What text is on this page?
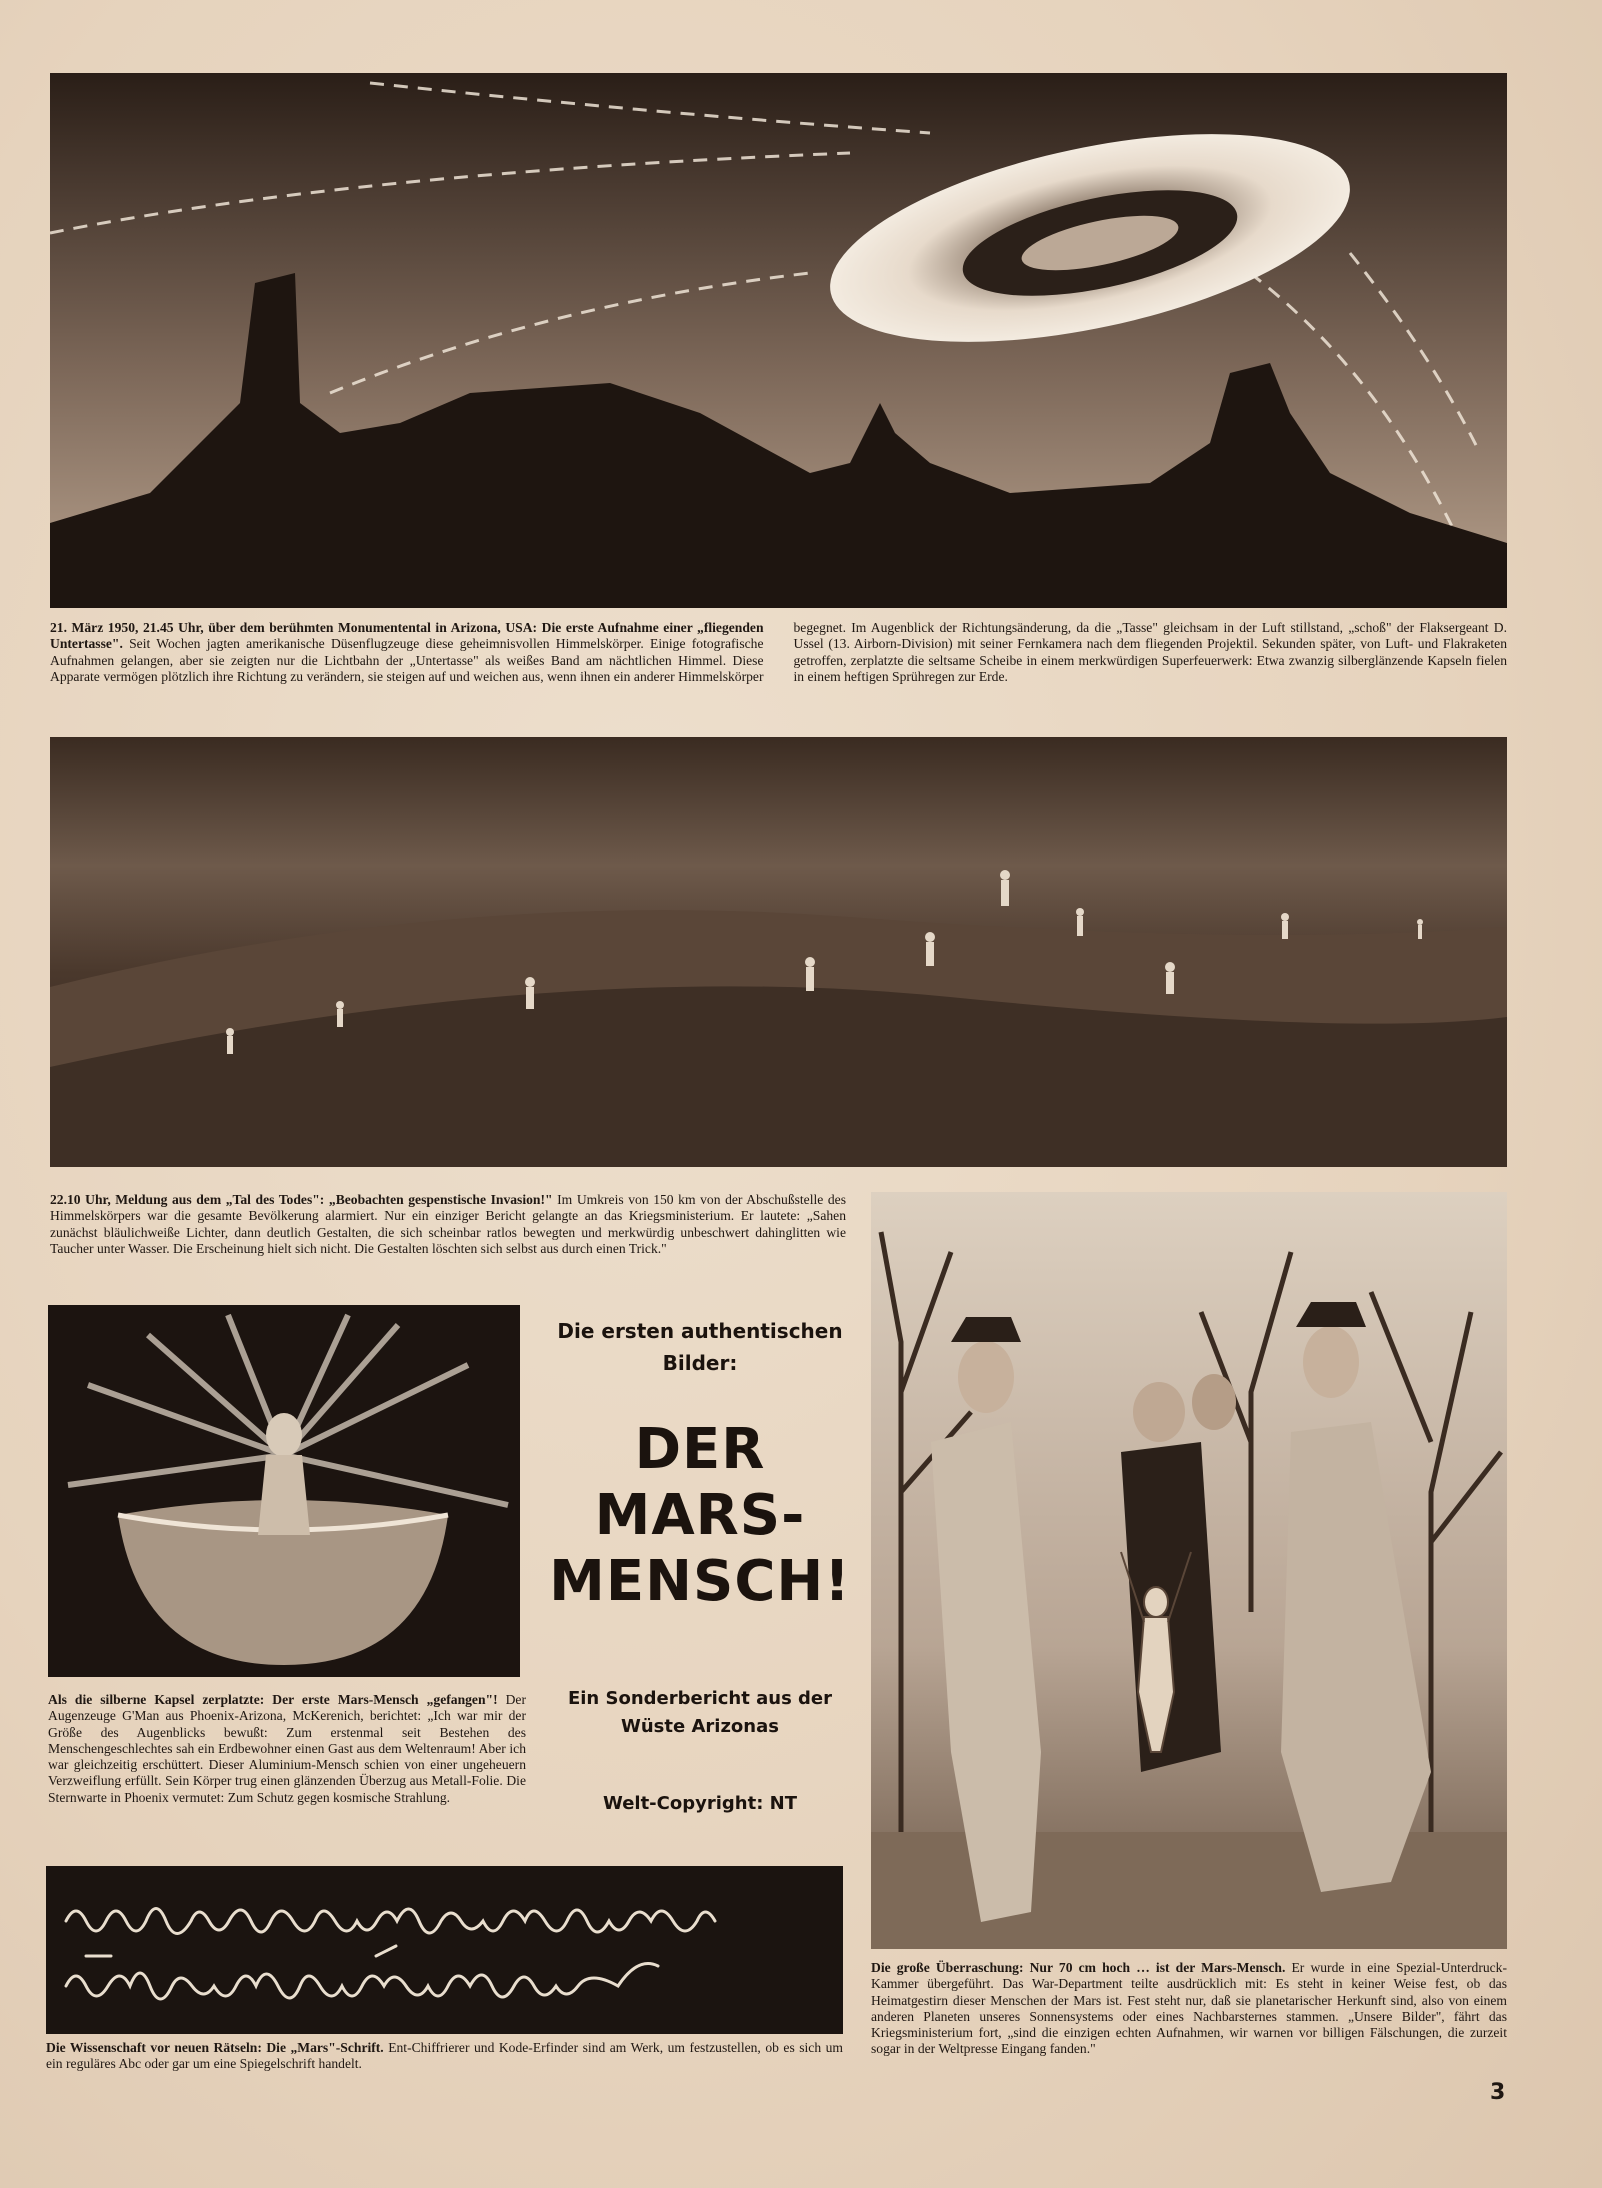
21. März 1950, 21.45 Uhr, über dem berühmten Monumentental in Arizona, USA: Die erste Aufnahme einer „fliegenden Untertasse". Seit Wochen jagten amerikanische Düsenflugzeuge diese geheimnisvollen Himmelskörper. Einige fotografische Aufnahmen gelangen, aber sie zeigten nur die Lichtbahn der „Untertasse" als weißes Band am nächtlichen Himmel. Diese Apparate vermögen plötzlich ihre Richtung zu verändern, sie steigen auf und weichen aus, wenn ihnen ein anderer Himmelskörper begegnet. Im Augenblick der Richtungsänderung, da die „Tasse" gleichsam in der Luft stillstand, „schoß" der Flaksergeant D. Ussel (13. Airborn-Division) mit seiner Fernkamera nach dem fliegenden Projektil. Sekunden später, von Luft- und Flakraketen getroffen, zerplatzte die seltsame Scheibe in einem merkwürdigen Superfeuerwerk: Etwa zwanzig silberglänzende Kapseln fielen in einem heftigen Sprühregen zur Erde.
22.10 Uhr, Meldung aus dem „Tal des Todes": „Beobachten gespenstische Invasion!" Im Umkreis von 150 km von der Abschußstelle des Himmelskörpers war die gesamte Bevölkerung alarmiert. Nur ein einziger Bericht gelangte an das Kriegsministerium. Er lautete: „Sahen zunächst bläulichweiße Lichter, dann deutlich Gestalten, die sich scheinbar ratlos bewegten und merkwürdig unbeschwert dahinglitten wie Taucher unter Wasser. Die Erscheinung hielt sich nicht. Die Gestalten löschten sich selbst aus durch einen Trick."
Als die silberne Kapsel zerplatzte: Der erste Mars-Mensch „gefangen"! Der Augenzeuge G'Man aus Phoenix-Arizona, McKerenich, berichtet: „Ich war mir der Größe des Augenblicks bewußt: Zum erstenmal seit Bestehen des Menschengeschlechtes sah ein Erdbewohner einen Gast aus dem Weltenraum! Aber ich war gleichzeitig erschüttert. Dieser Aluminium-Mensch schien von einer ungeheuern Verzweiflung erfüllt. Sein Körper trug einen glänzenden Überzug aus Metall-Folie. Die Sternwarte in Phoenix vermutet: Zum Schutz gegen kosmische Strahlung.
Die ersten authentischen Bilder:
DER
MARS-
MENSCH!
Ein Sonderbericht aus der Wüste Arizonas
Welt-Copyright: NT
Die Wissenschaft vor neuen Rätseln: Die „Mars"-Schrift. Ent-Chiffrierer und Kode-Erfinder sind am Werk, um festzustellen, ob es sich um ein reguläres Abc oder gar um eine Spiegelschrift handelt.
Die große Überraschung: Nur 70 cm hoch … ist der Mars-Mensch. Er wurde in eine Spezial-Unterdruck-Kammer übergeführt. Das War-Department teilte ausdrücklich mit: Es steht in keiner Weise fest, ob das Heimatgestirn dieser Menschen der Mars ist. Fest steht nur, daß sie planetarischer Herkunft sind, also von einem anderen Planeten unseres Sonnensystems oder eines Nachbarsternes stammen. „Unsere Bilder", fährt das Kriegsministerium fort, „sind die einzigen echten Aufnahmen, wir warnen vor billigen Fälschungen, die zurzeit sogar in der Weltpresse Eingang fanden."
3
